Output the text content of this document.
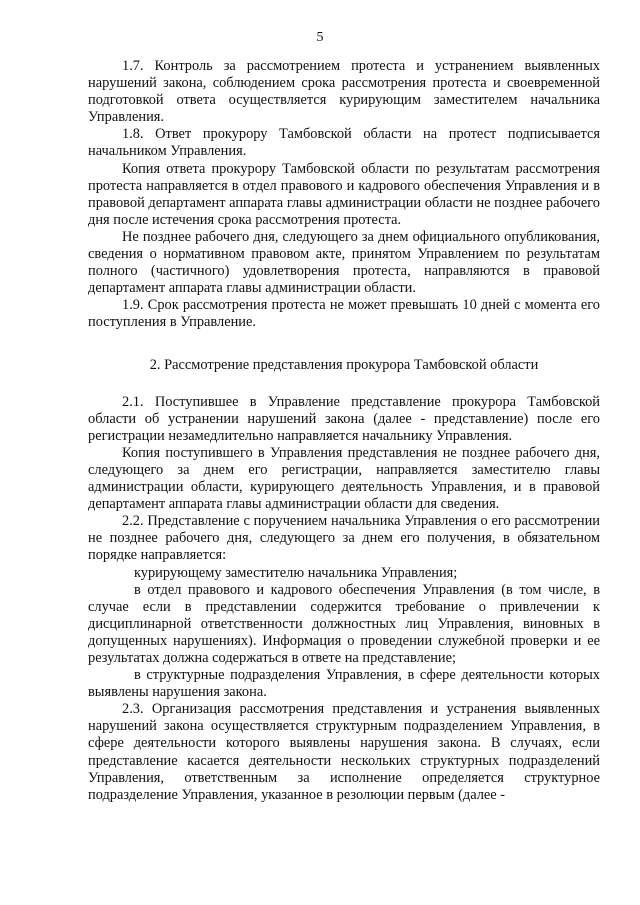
5

1.7. Контроль за рассмотрением протеста и устранением выявленных нарушений закона, соблюдением срока рассмотрения протеста и своевременной подготовкой ответа осуществляется курирующим заместителем начальника Управления.

1.8. Ответ прокурору Тамбовской области на протест подписывается начальником Управления.

Копия ответа прокурору Тамбовской области по результатам рассмотрения протеста направляется в отдел правового и кадрового обеспечения Управления и в правовой департамент аппарата главы администрации области не позднее рабочего дня после истечения срока рассмотрения протеста.

Не позднее рабочего дня, следующего за днем официального опубликования, сведения о нормативном правовом акте, принятом Управлением по результатам полного (частичного) удовлетворения протеста, направляются в правовой департамент аппарата главы администрации области.

1.9. Срок рассмотрения протеста не может превышать 10 дней с момента его поступления в Управление.

2. Рассмотрение представления прокурора Тамбовской области

2.1. Поступившее в Управление представление прокурора Тамбовской области об устранении нарушений закона (далее - представление) после его регистрации незамедлительно направляется начальнику Управления.

Копия поступившего в Управления представления не позднее рабочего дня, следующего за днем его регистрации, направляется заместителю главы администрации области, курирующего деятельность Управления, и в правовой департамент аппарата главы администрации области для сведения.

2.2. Представление с поручением начальника Управления о его рассмотрении не позднее рабочего дня, следующего за днем его получения, в обязательном порядке направляется:

курирующему заместителю начальника Управления;

в отдел правового и кадрового обеспечения Управления (в том числе, в случае если в представлении содержится требование о привлечении к дисциплинарной ответственности должностных лиц Управления, виновных в допущенных нарушениях). Информация о проведении служебной проверки и ее результатах должна содержаться в ответе на представление;

в структурные подразделения Управления, в сфере деятельности которых выявлены нарушения закона.

2.3. Организация рассмотрения представления и устранения выявленных нарушений закона осуществляется структурным подразделением Управления, в сфере деятельности которого выявлены нарушения закона. В случаях, если представление касается деятельности нескольких структурных подразделений Управления, ответственным за исполнение определяется структурное подразделение Управления, указанное в резолюции первым (далее -
